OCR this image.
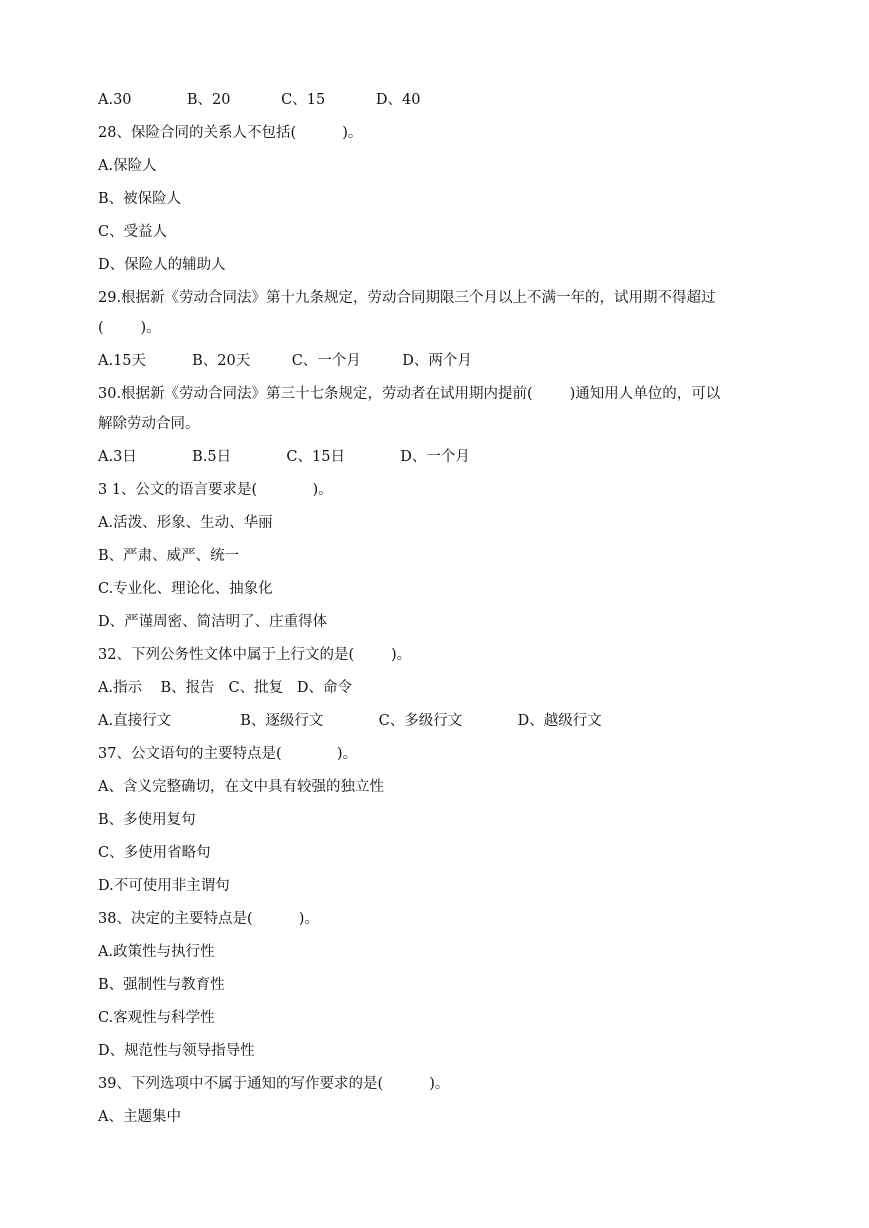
A.30            B、20           C、15           D、40
28、保险合同的关系人不包括(          )。
A.保险人
B、被保险人
C、受益人
D、保险人的辅助人
29.根据新《劳动合同法》第十九条规定，劳动合同期限三个月以上不满一年的，试用期不得超过
(        )。
A.15天          B、20天         C、一个月         D、两个月
30.根据新《劳动合同法》第三十七条规定，劳动者在试用期内提前(        )通知用人单位的，可以
解除劳动合同。
A.3日            B.5日            C、15日            D、一个月
3 1、公文的语言要求是(            )。
A.活泼、形象、生动、华丽
B、严肃、威严、统一
C.专业化、理论化、抽象化
D、严谨周密、简洁明了、庄重得体
32、下列公务性文体中属于上行文的是(        )。
A.指示    B、报告   C、批复   D、命令
A.直接行文               B、逐级行文            C、多级行文            D、越级行文
37、公文语句的主要特点是(            )。
A、含义完整确切，在文中具有较强的独立性
B、多使用复句
C、多使用省略句
D.不可使用非主谓句
38、决定的主要特点是(          )。
A.政策性与执行性
B、强制性与教育性
C.客观性与科学性
D、规范性与领导指导性
39、下列选项中不属于通知的写作要求的是(          )。
A、主题集中
